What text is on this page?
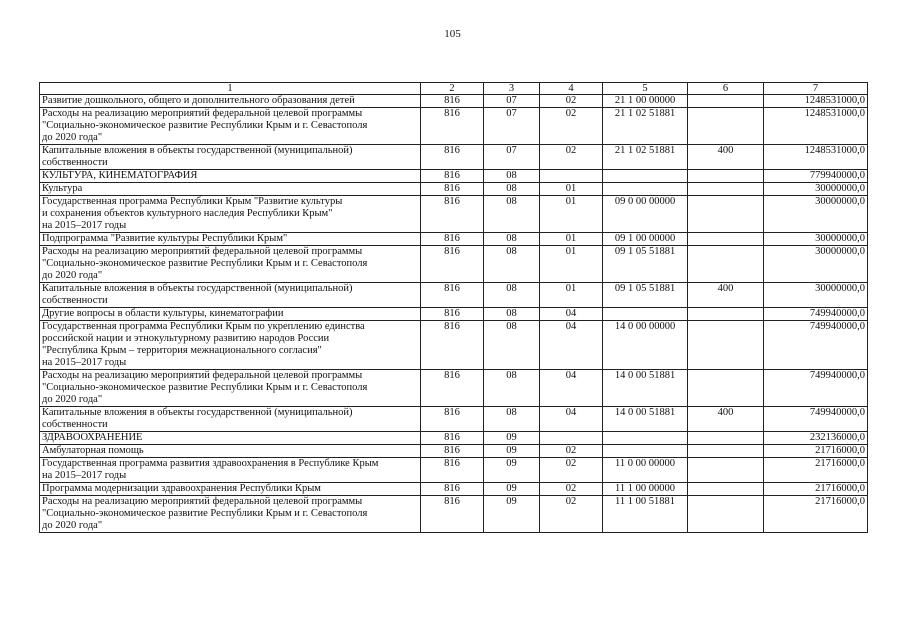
105
1	2	3	4	5	6	7
Развитие дошкольного, общего и дополнительного образования детей	816	07	02	21 1 00 00000		1248531000,0
Расходы на реализацию мероприятий федеральной целевой программы
"Социально-экономическое развитие Республики Крым и г. Севастополя
до 2020 года"	816	07	02	21 1 02 51881		1248531000,0
Капитальные вложения в объекты государственной (муниципальной)
собственности	816	07	02	21 1 02 51881	400	1248531000,0
КУЛЬТУРА, КИНЕМАТОГРАФИЯ	816	08				779940000,0
Культура	816	08	01			30000000,0
Государственная программа Республики Крым "Развитие культуры
и сохранения объектов культурного наследия Республики Крым"
на 2015–2017 годы	816	08	01	09 0 00 00000		30000000,0
Подпрограмма "Развитие культуры Республики Крым"	816	08	01	09 1 00 00000		30000000,0
Расходы на реализацию мероприятий федеральной целевой программы
"Социально-экономическое развитие Республики Крым и г. Севастополя
до 2020 года"	816	08	01	09 1 05 51881		30000000,0
Капитальные вложения в объекты государственной (муниципальной)
собственности	816	08	01	09 1 05 51881	400	30000000,0
Другие вопросы в области культуры, кинематографии	816	08	04			749940000,0
Государственная программа Республики Крым по укреплению единства
российской нации и этнокультурному развитию народов России
"Республика Крым – территория межнационального согласия"
на 2015–2017 годы	816	08	04	14 0 00 00000		749940000,0
Расходы на реализацию мероприятий федеральной целевой программы
"Социально-экономическое развитие Республики Крым и г. Севастополя
до 2020 года"	816	08	04	14 0 00 51881		749940000,0
Капитальные вложения в объекты государственной (муниципальной)
собственности	816	08	04	14 0 00 51881	400	749940000,0
ЗДРАВООХРАНЕНИЕ	816	09				232136000,0
Амбулаторная помощь	816	09	02			21716000,0
Государственная программа развития здравоохранения в Республике Крым
на 2015–2017 годы	816	09	02	11 0 00 00000		21716000,0
Программа модернизации здравоохранения Республики Крым	816	09	02	11 1 00 00000		21716000,0
Расходы на реализацию мероприятий федеральной целевой программы
"Социально-экономическое развитие Республики Крым и г. Севастополя
до 2020 года"	816	09	02	11 1 00 51881		21716000,0
